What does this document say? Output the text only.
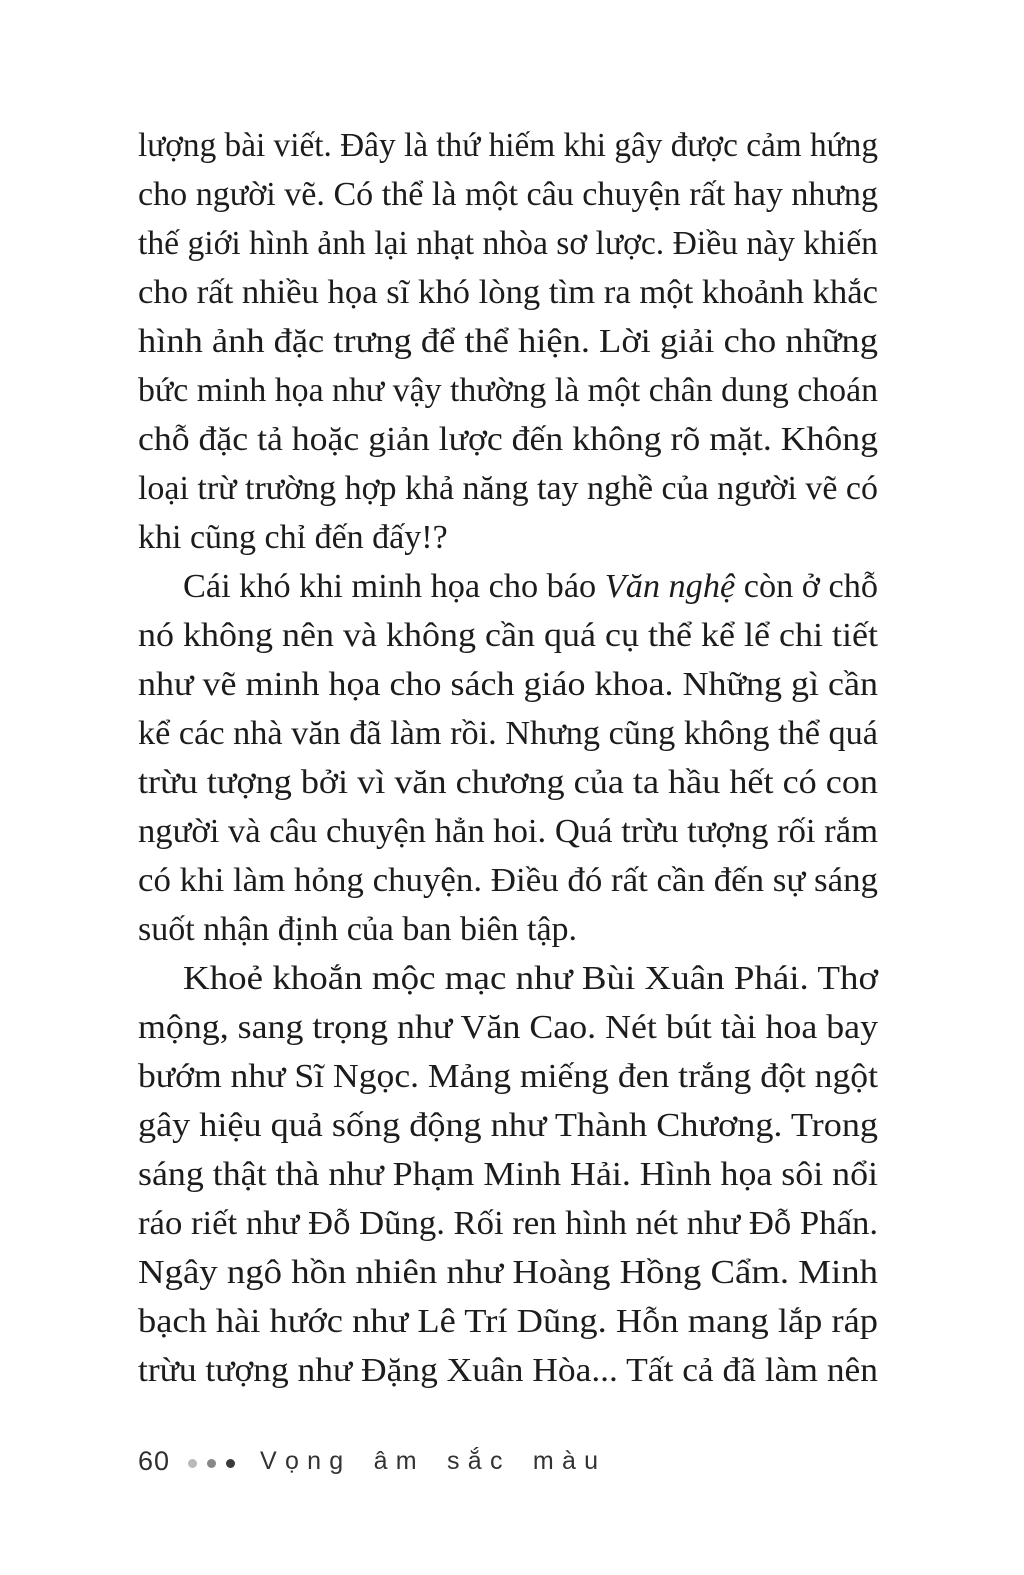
lượng bài viết. Đây là thứ hiếm khi gây được cảm hứng
cho người vẽ. Có thể là một câu chuyện rất hay nhưng
thế giới hình ảnh lại nhạt nhòa sơ lược. Điều này khiến
cho rất nhiều họa sĩ khó lòng tìm ra một khoảnh khắc
hình ảnh đặc trưng để thể hiện. Lời giải cho những
bức minh họa như vậy thường là một chân dung choán
chỗ đặc tả hoặc giản lược đến không rõ mặt. Không
loại trừ trường hợp khả năng tay nghề của người vẽ có
khi cũng chỉ đến đấy!?
Cái khó khi minh họa cho báo Văn nghệ còn ở chỗ
nó không nên và không cần quá cụ thể kể lể chi tiết
như vẽ minh họa cho sách giáo khoa. Những gì cần
kể các nhà văn đã làm rồi. Nhưng cũng không thể quá
trừu tượng bởi vì văn chương của ta hầu hết có con
người và câu chuyện hẳn hoi. Quá trừu tượng rối rắm
có khi làm hỏng chuyện. Điều đó rất cần đến sự sáng
suốt nhận định của ban biên tập.
Khoẻ khoắn mộc mạc như Bùi Xuân Phái. Thơ
mộng, sang trọng như Văn Cao. Nét bút tài hoa bay
bướm như Sĩ Ngọc. Mảng miếng đen trắng đột ngột
gây hiệu quả sống động như Thành Chương. Trong
sáng thật thà như Phạm Minh Hải. Hình họa sôi nổi
ráo riết như Đỗ Dũng. Rối ren hình nét như Đỗ Phấn.
Ngây ngô hồn nhiên như Hoàng Hồng Cẩm. Minh
bạch hài hước như Lê Trí Dũng. Hỗn mang lắp ráp
trừu tượng như Đặng Xuân Hòa... Tất cả đã làm nên
60	Vọng âm sắc màu
